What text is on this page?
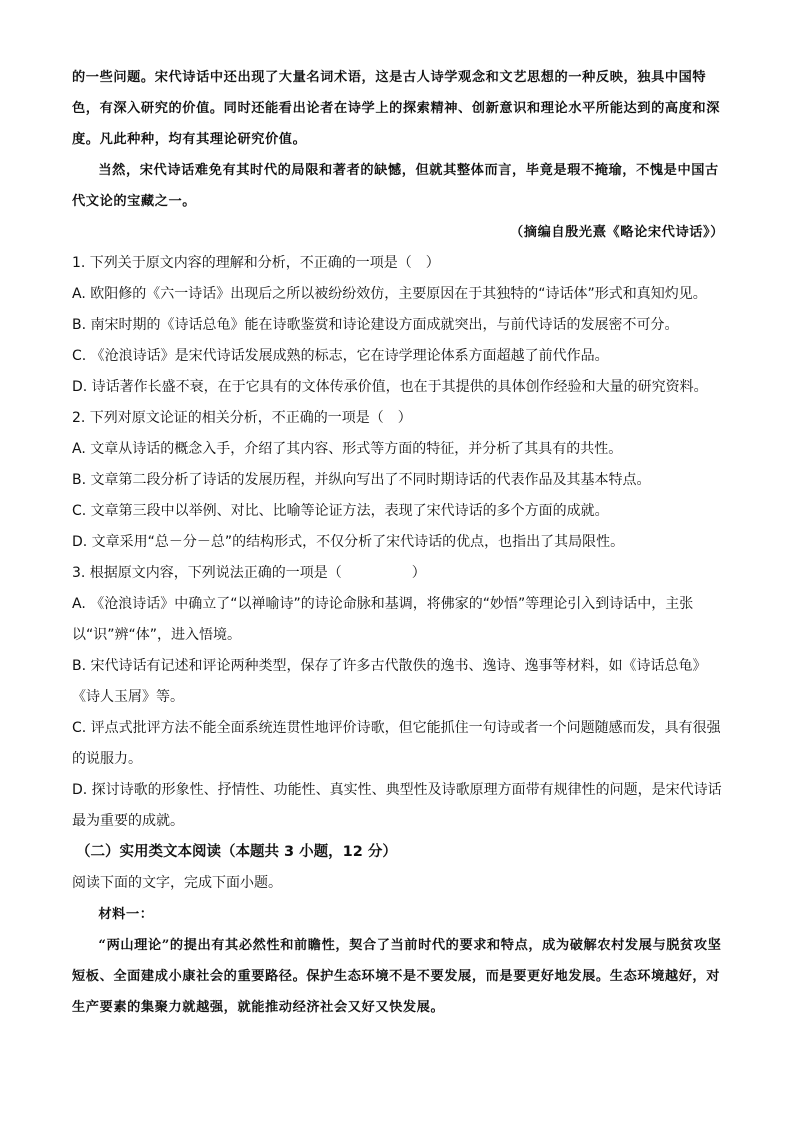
的一些问题。宋代诗话中还出现了大量名词术语，这是古人诗学观念和文艺思想的一种反映，独具中国特色，有深入研究的价值。同时还能看出论者在诗学上的探索精神、创新意识和理论水平所能达到的高度和深度。凡此种种，均有其理论研究价值。

当然，宋代诗话难免有其时代的局限和著者的缺憾，但就其整体而言，毕竟是瑕不掩瑜，不愧是中国古代文论的宝藏之一。

（摘编自殷光熹《略论宋代诗话》）

1. 下列关于原文内容的理解和分析，不正确的一项是（　）

A. 欧阳修的《六一诗话》出现后之所以被纷纷效仿，主要原因在于其独特的“诗话体”形式和真知灼见。

B. 南宋时期的《诗话总龟》能在诗歌鉴赏和诗论建设方面成就突出，与前代诗话的发展密不可分。

C. 《沧浪诗话》是宋代诗话发展成熟的标志，它在诗学理论体系方面超越了前代作品。

D. 诗话著作长盛不衰，在于它具有的文体传承价值，也在于其提供的具体创作经验和大量的研究资料。

2. 下列对原文论证的相关分析，不正确的一项是（　）

A. 文章从诗话的概念入手，介绍了其内容、形式等方面的特征，并分析了其具有的共性。

B. 文章第二段分析了诗话的发展历程，并纵向写出了不同时期诗话的代表作品及其基本特点。

C. 文章第三段中以举例、对比、比喻等论证方法，表现了宋代诗话的多个方面的成就。

D. 文章采用“总－分－总”的结构形式，不仅分析了宋代诗话的优点，也指出了其局限性。

3. 根据原文内容，下列说法正确的一项是（　　　　　）

A. 《沧浪诗话》中确立了“以禅喻诗”的诗论命脉和基调，将佛家的“妙悟”等理论引入到诗话中，主张以“识”辨“体”，进入悟境。

B. 宋代诗话有记述和评论两种类型，保存了许多古代散佚的逸书、逸诗、逸事等材料，如《诗话总龟》《诗人玉屑》等。

C. 评点式批评方法不能全面系统连贯性地评价诗歌，但它能抓住一句诗或者一个问题随感而发，具有很强的说服力。

D. 探讨诗歌的形象性、抒情性、功能性、真实性、典型性及诗歌原理方面带有规律性的问题，是宋代诗话最为重要的成就。

（二）实用类文本阅读（本题共 3 小题，12 分）

阅读下面的文字，完成下面小题。

材料一：

“两山理论”的提出有其必然性和前瞻性，契合了当前时代的要求和特点，成为破解农村发展与脱贫攻坚短板、全面建成小康社会的重要路径。保护生态环境不是不要发展，而是要更好地发展。生态环境越好，对生产要素的集聚力就越强，就能推动经济社会又好又快发展。
